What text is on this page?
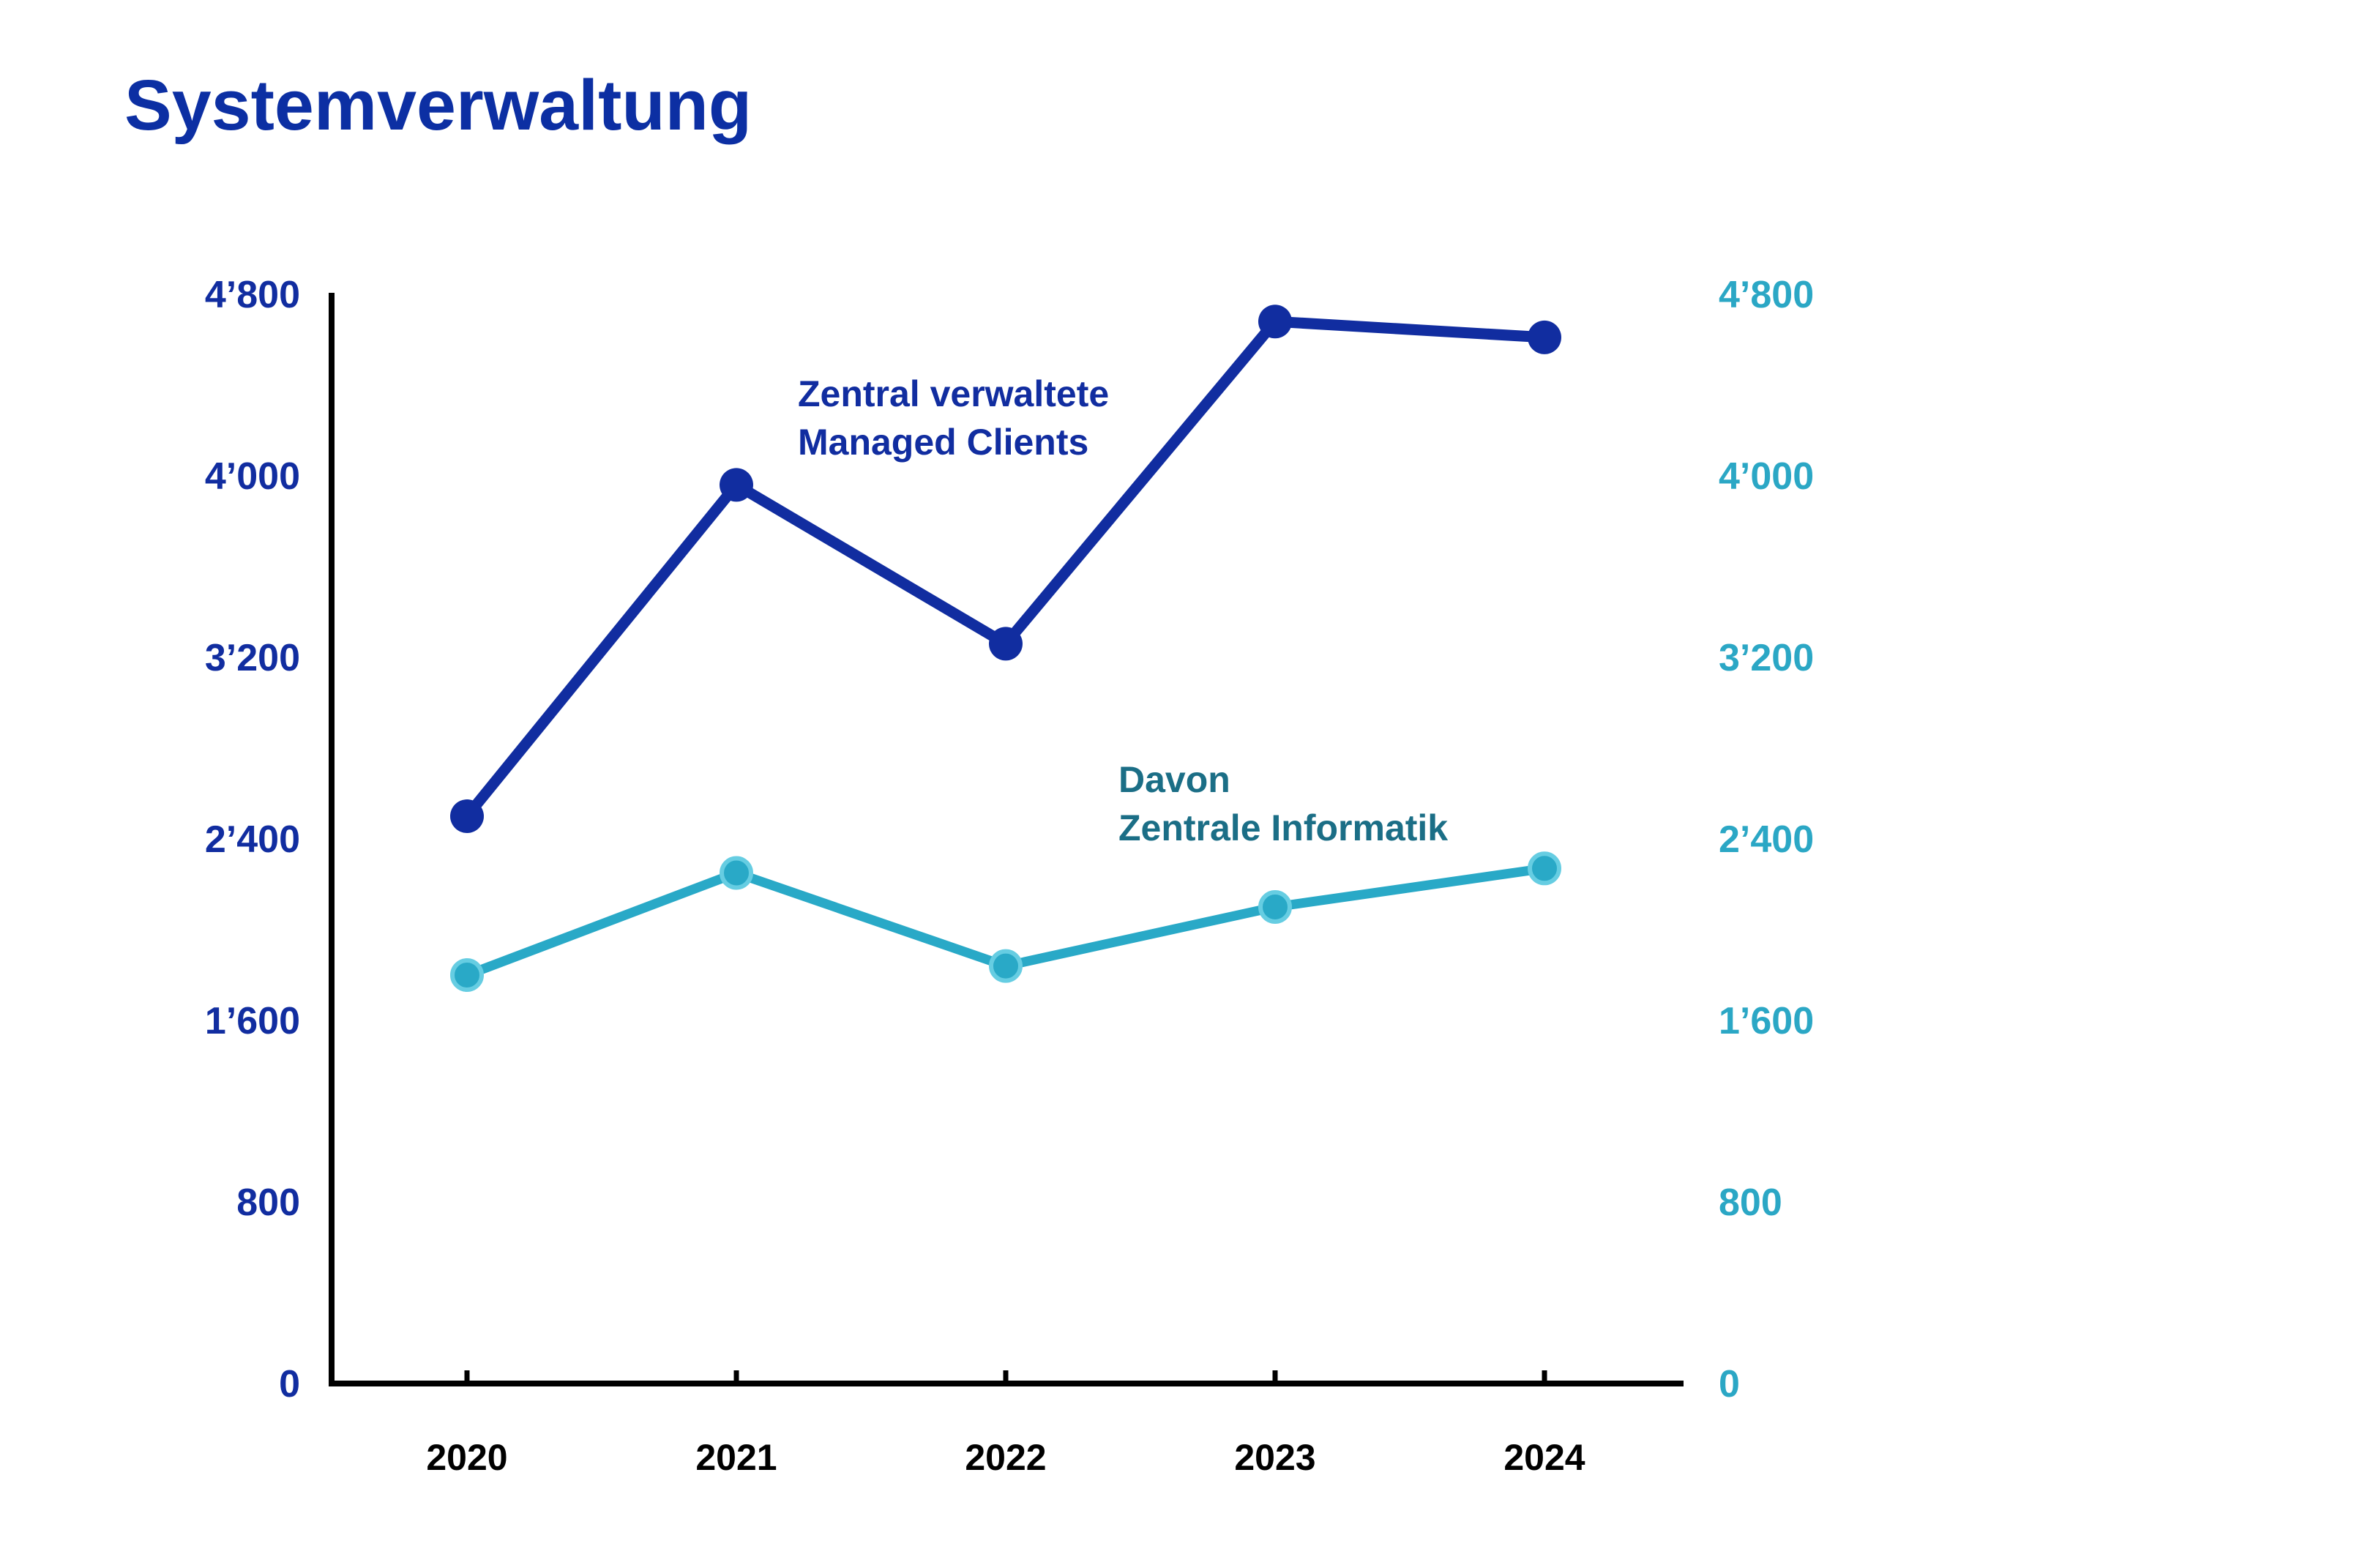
Systemverwaltung
0	0
800	800
1’600	1’600
2’400	2’400
3’200	3’200
4’000	4’000
4’800	4’800
2020	2021	2022	2023	2024
Zentral verwaltete
Managed Clients
Davon
Zentrale Informatik
